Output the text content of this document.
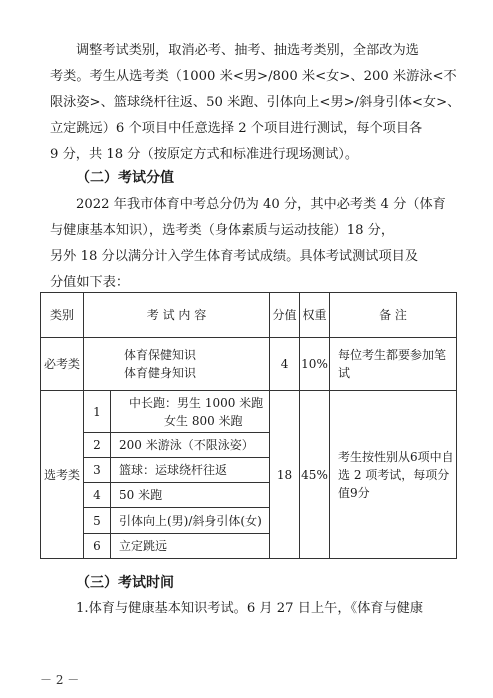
调整考试类别，取消必考、抽考、抽选考类别，全部改为选
考类。考生从选考类（1000 米<男>/800 米<女>、200 米游泳<不
限泳姿>、篮球绕杆往返、50 米跑、引体向上<男>/斜身引体<女>、
立定跳远）6 个项目中任意选择 2 个项目进行测试，每个项目各
9 分，共 18 分（按原定方式和标准进行现场测试）。
（二）考试分值
2022 年我市体育中考总分仍为 40 分，其中必考类 4 分（体育
与健康基本知识），选考类（身体素质与运动技能）18 分，
另外 18 分以满分计入学生体育考试成绩。具体考试测试项目及
分值如下表：
类别	考 试 内 容		分值	权重	备 注
必考类	体育保健知识
体育健身知识		4	10%	每位考生都要参加笔试
选考类	1	中长跑：男生 1000 米跑
女生 800 米跑	18	45%	考生按性别从6项中自选 2 项考试，每项分值9分
	2	200 米游泳（不限泳姿）			
	3	篮球：运球绕杆往返			
	4	50 米跑			
	5	引体向上(男)/斜身引体(女)			
	6	立定跳远			
（三）考试时间
1.体育与健康基本知识考试。6 月 27 日上午，《体育与健康
－ 2 －
